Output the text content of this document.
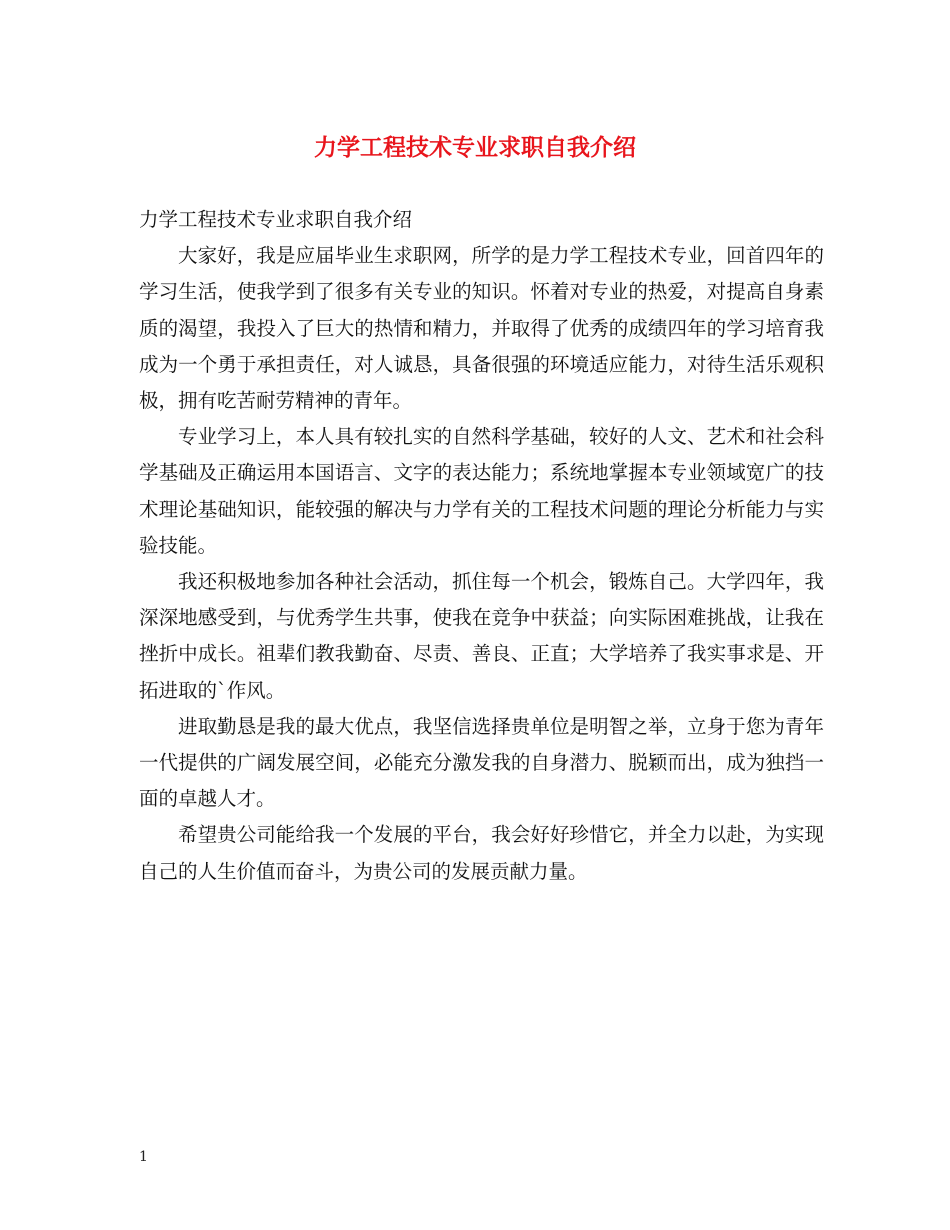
力学工程技术专业求职自我介绍

力学工程技术专业求职自我介绍

大家好，我是应届毕业生求职网，所学的是力学工程技术专业，回首四年的学习生活，使我学到了很多有关专业的知识。怀着对专业的热爱，对提高自身素质的渴望，我投入了巨大的热情和精力，并取得了优秀的成绩四年的学习培育我成为一个勇于承担责任，对人诚恳，具备很强的环境适应能力，对待生活乐观积极，拥有吃苦耐劳精神的青年。

专业学习上，本人具有较扎实的自然科学基础，较好的人文、艺术和社会科学基础及正确运用本国语言、文字的表达能力；系统地掌握本专业领域宽广的技术理论基础知识，能较强的解决与力学有关的工程技术问题的理论分析能力与实验技能。

我还积极地参加各种社会活动，抓住每一个机会，锻炼自己。大学四年，我深深地感受到，与优秀学生共事，使我在竞争中获益；向实际困难挑战，让我在挫折中成长。祖辈们教我勤奋、尽责、善良、正直；大学培养了我实事求是、开拓进取的`作风。

进取勤恳是我的最大优点，我坚信选择贵单位是明智之举，立身于您为青年一代提供的广阔发展空间，必能充分激发我的自身潜力、脱颖而出，成为独挡一面的卓越人才。

希望贵公司能给我一个发展的平台，我会好好珍惜它，并全力以赴，为实现自己的人生价值而奋斗，为贵公司的发展贡献力量。

1
